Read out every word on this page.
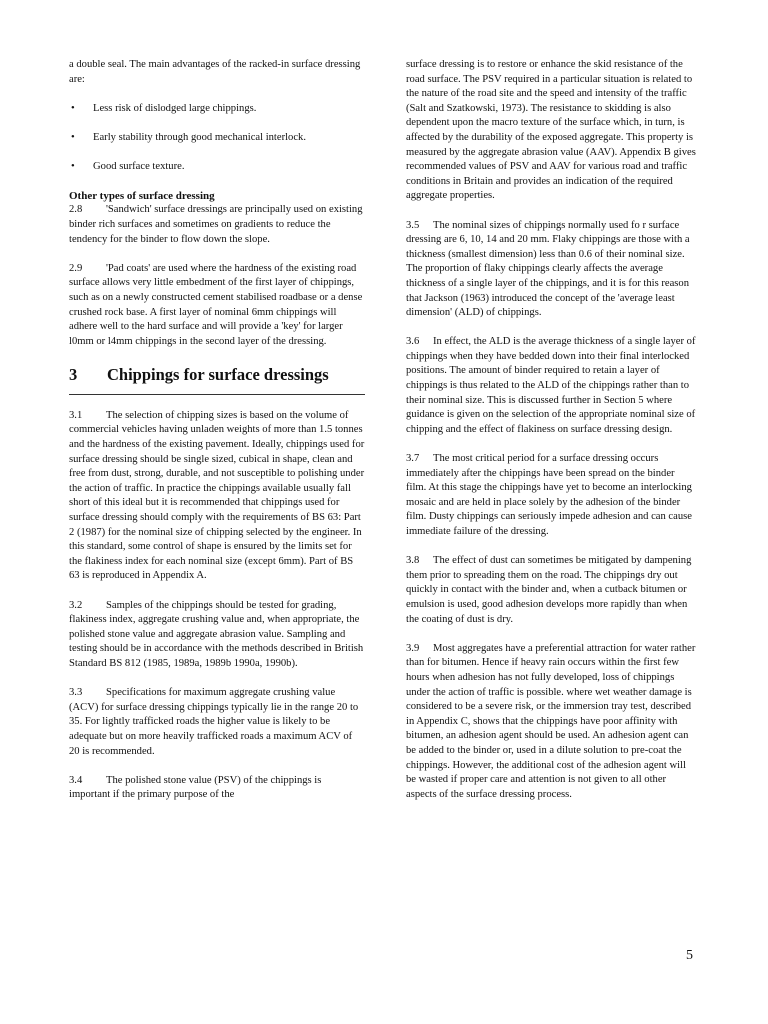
a double seal. The main advantages of the racked-in surface dressing are:

• Less risk of dislodged large chippings.
• Early stability through good mechanical interlock.
• Good surface texture.
Other types of surface dressing

2.8 'Sandwich' surface dressings are principally used on existing binder rich surfaces and sometimes on gradients to reduce the tendency for the binder to flow down the slope.

2.9 'Pad coats' are used where the hardness of the existing road surface allows very little embedment of the first layer of chippings, such as on a newly constructed cement stabilised roadbase or a dense crushed rock base. A first layer of nominal 6mm chippings will adhere well to the hard surface and will provide a 'key' for larger l0mm or l4mm chippings in the second layer of the dressing.

3 Chippings for surface dressings

3.1 The selection of chipping sizes is based on the volume of commercial vehicles having unladen weights of more than 1.5 tonnes and the hardness of the existing pavement. Ideally, chippings used for surface dressing should be single sized, cubical in shape, clean and free from dust, strong, durable, and not susceptible to polishing under the action of traffic. In practice the chippings available usually fall short of this ideal but it is recommended that chippings used for surface dressing should comply with the requirements of BS 63: Part 2 (1987) for the nominal size of chipping selected by the engineer. In this standard, some control of shape is ensured by the limits set for the flakiness index for each nominal size (except 6mm). Part of BS 63 is reproduced in Appendix A.

3.2 Samples of the chippings should be tested for grading, flakiness index, aggregate crushing value and, when appropriate, the polished stone value and aggregate abrasion value. Sampling and testing should be in accordance with the methods described in British Standard BS 812 (1985, 1989a, 1989b 1990a, 1990b).

3.3 Specifications for maximum aggregate crushing value (ACV) for surface dressing chippings typically lie in the range 20 to 35. For lightly trafficked roads the higher value is likely to be adequate but on more heavily trafficked roads a maximum ACV of 20 is recommended.

3.4 The polished stone value (PSV) of the chippings is important if the primary purpose of the

surface dressing is to restore or enhance the skid resistance of the road surface. The PSV required in a particular situation is related to the nature of the road site and the speed and intensity of the traffic (Salt and Szatkowski, 1973). The resistance to skidding is also dependent upon the macro texture of the surface which, in turn, is affected by the durability of the exposed aggregate. This property is measured by the aggregate abrasion value (AAV). Appendix B gives recommended values of PSV and AAV for various road and traffic conditions in Britain and provides an indication of the required aggregate properties.

3.5 The nominal sizes of chippings normally used fo r surface dressing are 6, 10, 14 and 20 mm. Flaky chippings are those with a thickness (smallest dimension) less than 0.6 of their nominal size. The proportion of flaky chippings clearly affects the average thickness of a single layer of the chippings, and it is for this reason that Jackson (1963) introduced the concept of the 'average least dimension' (ALD) of chippings.

3.6 In effect, the ALD is the average thickness of a single layer of chippings when they have bedded down into their final interlocked positions. The amount of binder required to retain a layer of chippings is thus related to the ALD of the chippings rather than to their nominal size. This is discussed further in Section 5 where guidance is given on the selection of the appropriate nominal size of chipping and the effect of flakiness on surface dressing design.

3.7 The most critical period for a surface dressing occurs immediately after the chippings have been spread on the binder film. At this stage the chippings have yet to become an interlocking mosaic and are held in place solely by the adhesion of the binder film. Dusty chippings can seriously impede adhesion and can cause immediate failure of the dressing.

3.8 The effect of dust can sometimes be mitigated by dampening them prior to spreading them on the road. The chippings dry out quickly in contact with the binder and, when a cutback bitumen or emulsion is used, good adhesion develops more rapidly than when the coating of dust is dry.

3.9 Most aggregates have a preferential attraction for water rather than for bitumen. Hence if heavy rain occurs within the first few hours when adhesion has not fully developed, loss of chippings under the action of traffic is possible. where wet weather damage is considered to be a severe risk, or the immersion tray test, described in Appendix C, shows that the chippings have poor affinity with bitumen, an adhesion agent should be used. An adhesion agent can be added to the binder or, used in a dilute solution to pre-coat the chippings. However, the additional cost of the adhesion agent will be wasted if proper care and attention is not given to all other aspects of the surface dressing process.

5
